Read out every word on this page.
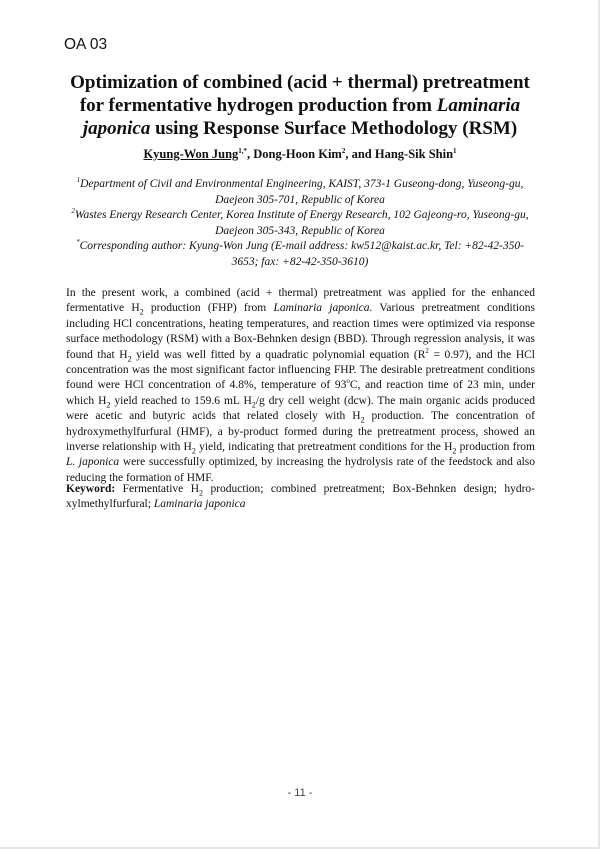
OA 03
Optimization of combined (acid + thermal) pretreatment for fermentative hydrogen production from Laminaria japonica using Response Surface Methodology (RSM)
Kyung-Won Jung$^{1,*}$, Dong-Hoon Kim$^2$, and Hang-Sik Shin$^1$

$^1$Department of Civil and Environmental Engineering, KAIST, 373-1 Guseong-dong, Yuseong-gu, Daejeon 305-701, Republic of Korea

$^2$Wastes Energy Research Center, Korea Institute of Energy Research, 102 Gajeong-ro, Yuseong-gu, Daejeon 305-343, Republic of Korea

*Corresponding author: Kyung-Won Jung (E-mail address: kw512@kaist.ac.kr, Tel: +82-42-350-3653; fax: +82-42-350-3610)

In the present work, a combined (acid + thermal) pretreatment was applied for the enhanced fermentative $H_2$ production (FHP) from Laminaria japonica. Various pretreatment conditions including HCl concentrations, heating temperatures, and reaction times were optimized via response surface methodology (RSM) with a Box-Behnken design (BBD). Through regression analysis, it was found that $H_2$ yield was well fitted by a quadratic polynomial equation $(R^2 = 0.97)$, and the HCl concentration was the most significant factor influencing FHP. The desirable pretreatment conditions found were HCl concentration of 4.8%, temperature of 93$^o$C, and reaction time of 23 min, under which $H_2$ yield reached to 159.6 mL $H_2/g$ dry cell weight (dcw). The main organic acids produced were acetic and butyric acids that related closely with $H_2$ production. The concentration of hydroxymethylfurfural (HMF), a by-product formed during the pretreatment process, showed an inverse relationship with $H_2$ yield, indicating that pretreatment conditions for the $H_2$ production from L. japonica were successfully optimized, by increasing the hydrolysis rate of the feedstock and also reducing the formation of HMF.

Keyword: Fermentative $H_2$ production; combined pretreatment; Box-Behnken design; hydro-xylmethylfurfural; Laminaria japonica

- 11 -
